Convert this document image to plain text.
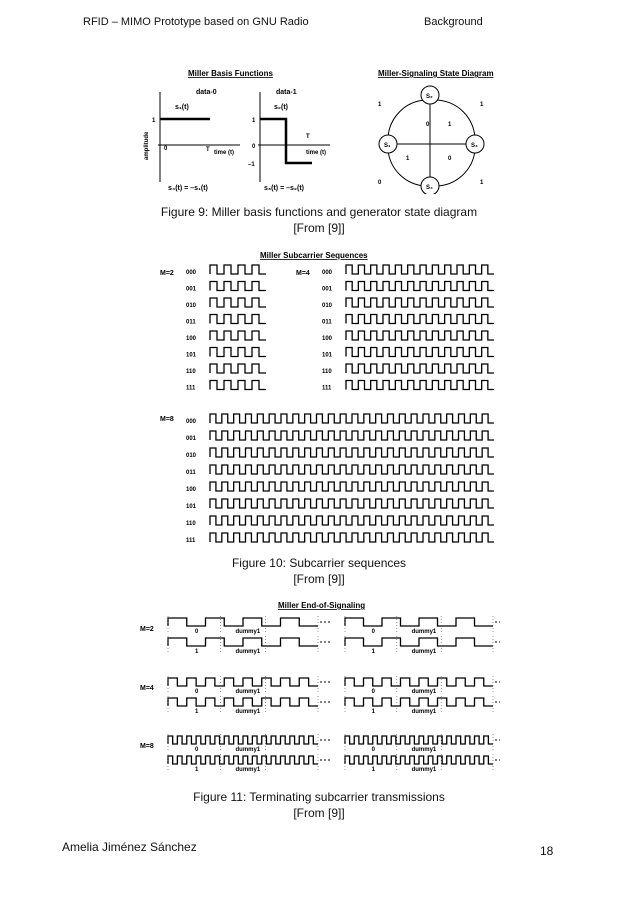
RFID – MIMO Prototype based on GNU Radio	Background
Miller Basis Functions	Miller-Signaling State Diagram
data-0
s₁(t)
1
0	T time (t)
amplitude
s₄(t) = –s₁(t)
data-1
s₂(t)
1
0
–1
T
time (t)
s₃(t) = –s₂(t)
S₂
S₁	S₃
S₄
1	1
0	1
0	1
1	0
Figure 9: Miller basis functions and generator state diagram
[From [9]]
Miller Subcarrier Sequences
M=2	M=4
M=8
000	000
001	001
010	010
011	011
100	100
101	101
110	110
111	111
000
001
010
011
100
101
110
111
Figure 10: Subcarrier sequences
[From [9]]
Miller End-of-Signaling
M=2
M=4
M=8
0	dummy1	0	dummy1
1	dummy1	1	dummy1
0	dummy1	0	dummy1
1	dummy1	1	dummy1
0	dummy1	0	dummy1
1	dummy1	1	dummy1
Figure 11: Terminating subcarrier transmissions
[From [9]]
Amelia Jiménez Sánchez	18
